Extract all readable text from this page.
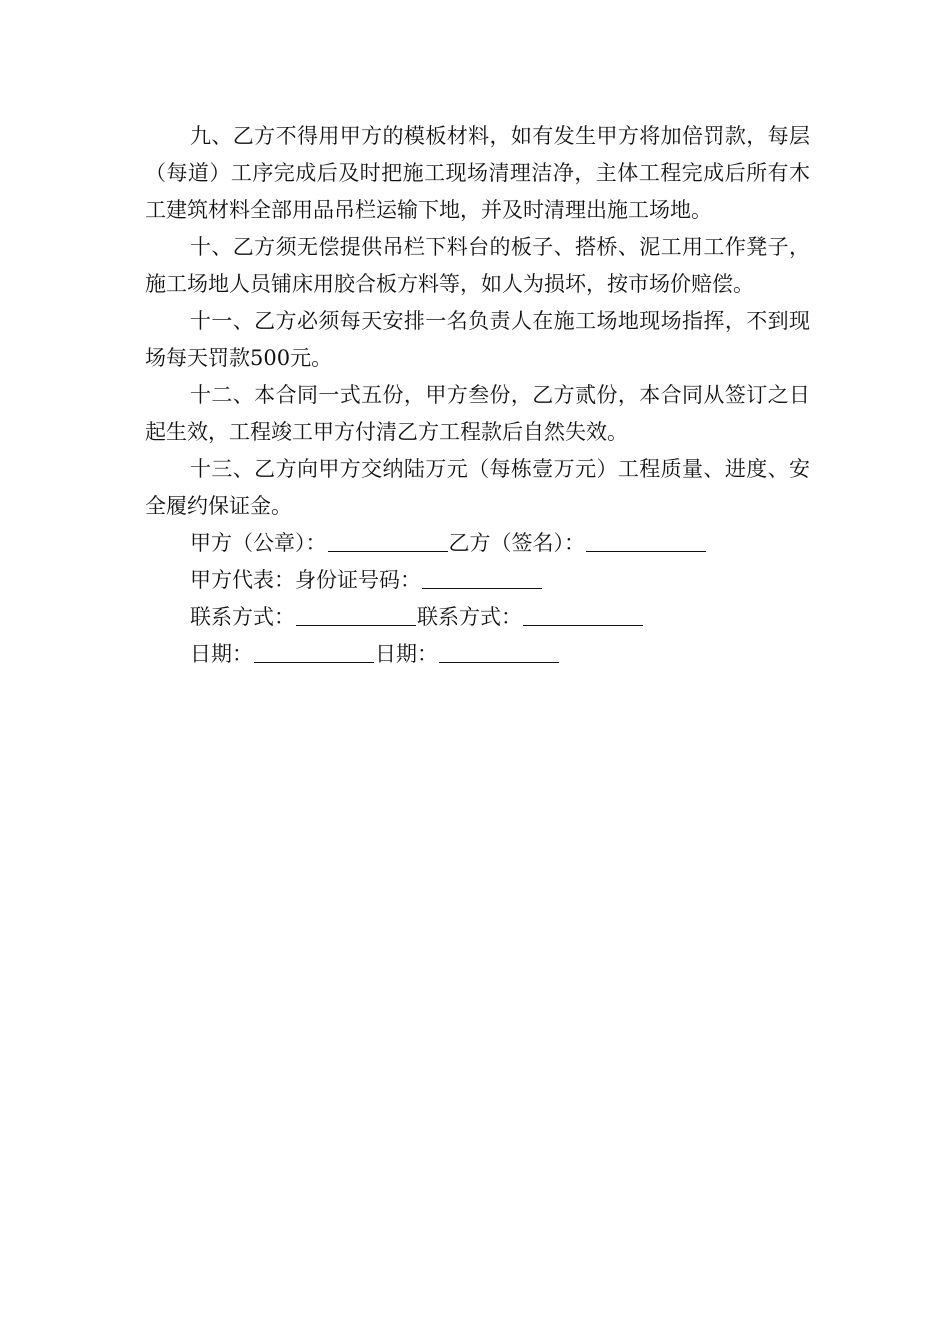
九、乙方不得用甲方的模板材料，如有发生甲方将加倍罚款，每层（每道）工序完成后及时把施工现场清理洁净，主体工程完成后所有木工建筑材料全部用品吊栏运输下地，并及时清理出施工场地。

十、乙方须无偿提供吊栏下料台的板子、搭桥、泥工用工作凳子，施工场地人员铺床用胶合板方料等，如人为损坏，按市场价赔偿。

十一、乙方必须每天安排一名负责人在施工场地现场指挥，不到现场每天罚款500元。

十二、本合同一式五份，甲方叁份，乙方贰份，本合同从签订之日起生效，工程竣工甲方付清乙方工程款后自然失效。

十三、乙方向甲方交纳陆万元（每栋壹万元）工程质量、进度、安全履约保证金。

甲方（公章）：	乙方（签名）：

甲方代表：身份证号码：

联系方式：	联系方式：

日期：	日期：
